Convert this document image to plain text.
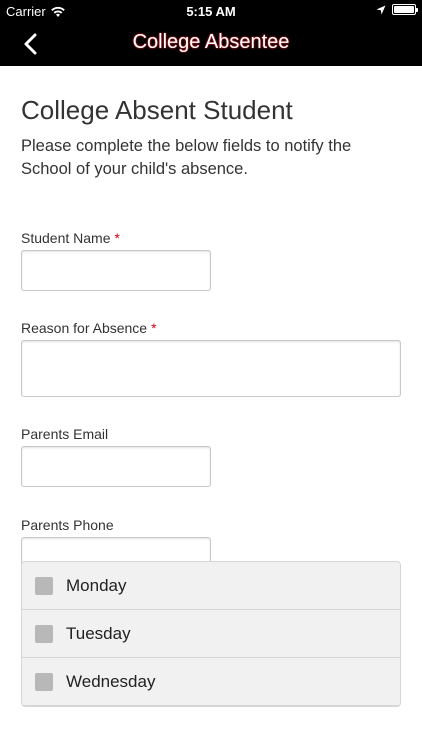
Carrier	5:15 AM
College Absentee
College Absent Student

Please complete the below fields to notify the School of your child's absence.

Student Name *
Reason for Absence *
Parents Email
Parents Phone
Monday
Tuesday
Wednesday
